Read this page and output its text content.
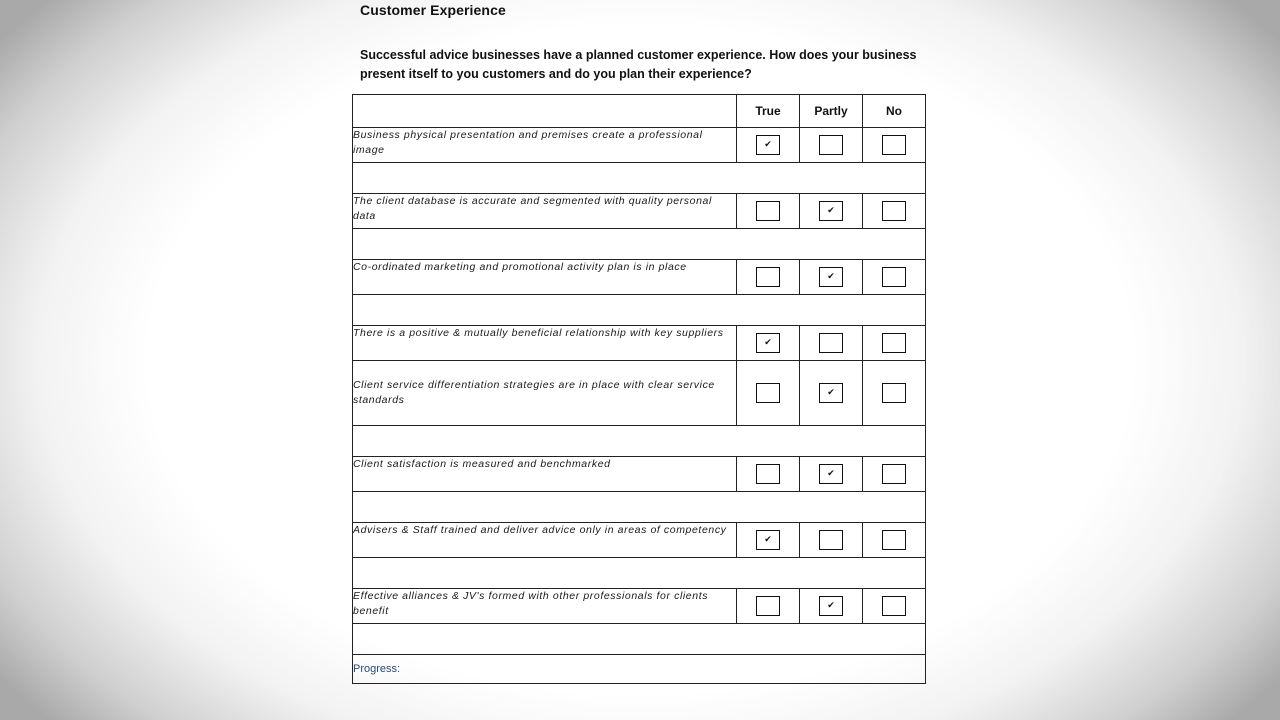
Customer Experience
Successful advice businesses have a planned customer experience. How does your business present itself to you customers and do you plan their experience?
	True	Partly	No
Business physical presentation and premises create a professional image	✔		

The client database is accurate and segmented with quality personal data		✔	

Co-ordinated marketing and promotional activity plan is in place		✔	

There is a positive & mutually beneficial relationship with key suppliers	✔		
Client service differentiation strategies are in place with clear service standards		✔	

Client satisfaction is measured and benchmarked		✔	

Advisers & Staff trained and deliver advice only in areas of competency	✔		

Effective alliances & JV's formed with other professionals for clients benefit		✔	

Progress:			
